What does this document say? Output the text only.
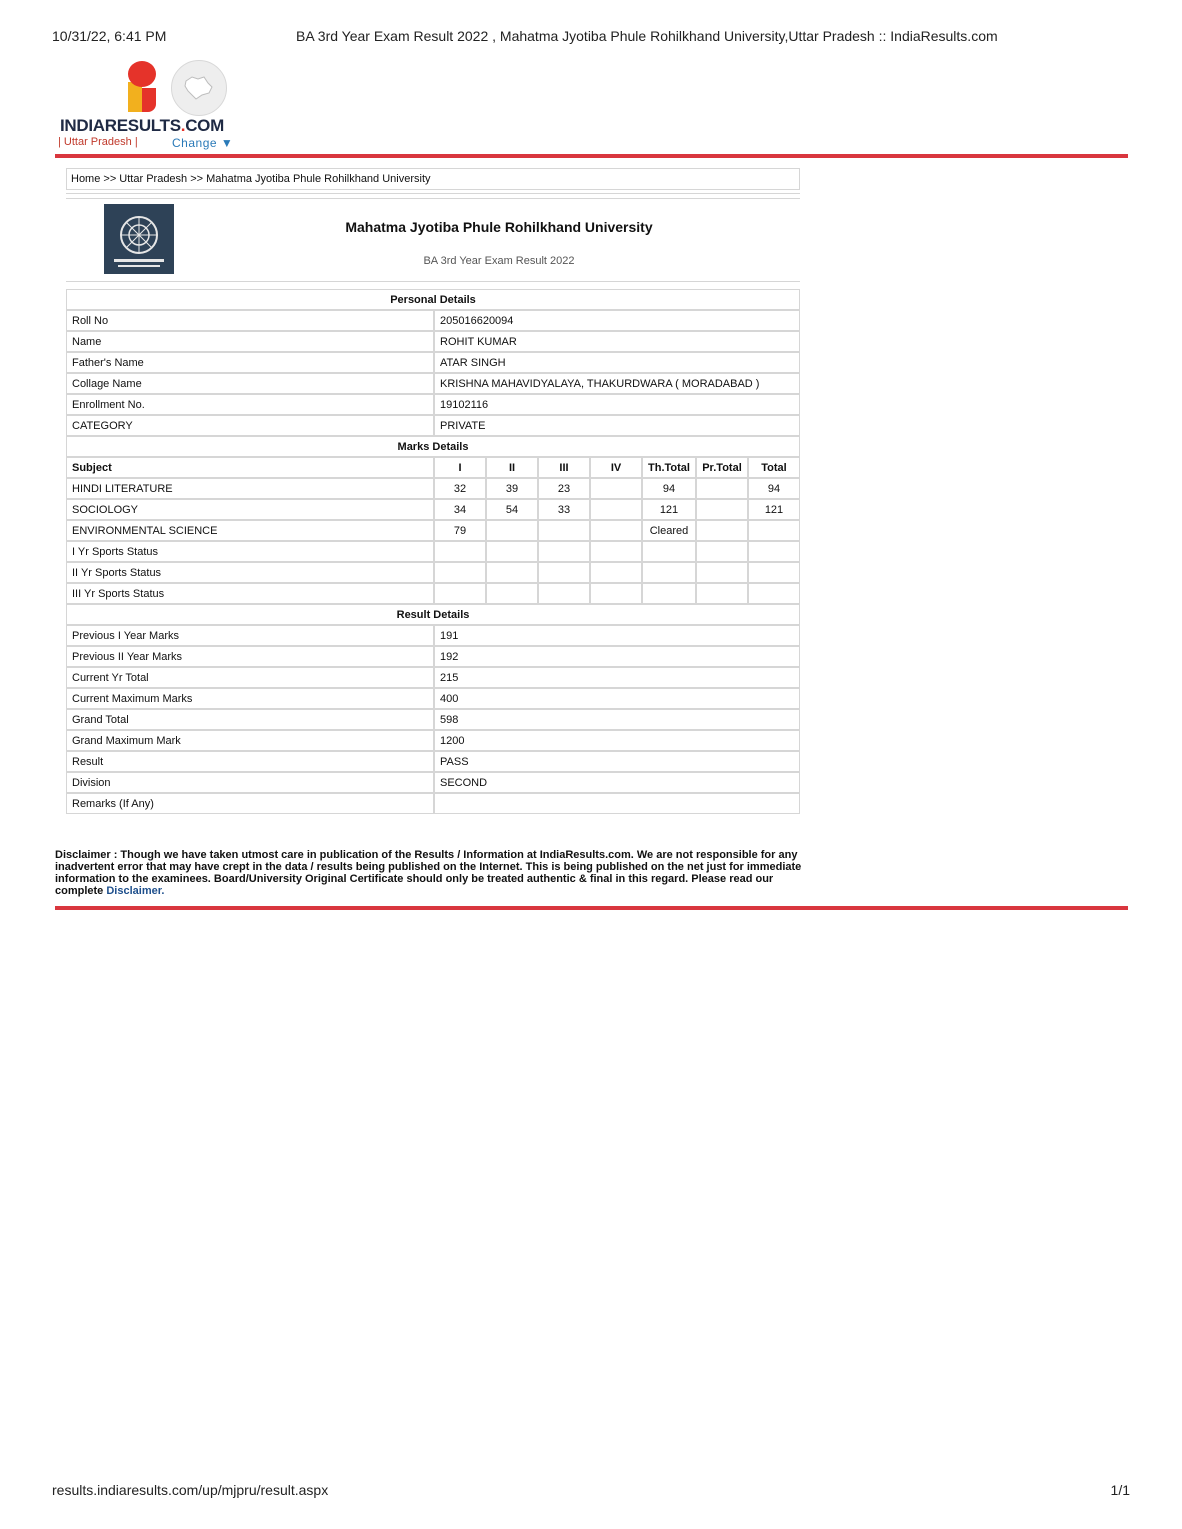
10/31/22, 6:41 PM	BA 3rd Year Exam Result 2022 , Mahatma Jyotiba Phule Rohilkhand University,Uttar Pradesh :: IndiaResults.com
INDIARESULTS.COM
| Uttar Pradesh |	Change ▼
Home >> Uttar Pradesh >> Mahatma Jyotiba Phule Rohilkhand University
Mahatma Jyotiba Phule Rohilkhand University
BA 3rd Year Exam Result 2022
Personal Details	
Roll No	205016620094
Name	ROHIT KUMAR
Father's Name	ATAR SINGH
Collage Name	KRISHNA MAHAVIDYALAYA, THAKURDWARA ( MORADABAD )
Enrollment No.	19102116
CATEGORY	PRIVATE
Marks Details							
Subject	I	II	III	IV	Th.Total	Pr.Total	Total
HINDI LITERATURE	32	39	23		94		94
SOCIOLOGY	34	54	33		121		121
ENVIRONMENTAL SCIENCE	79				Cleared		
I Yr Sports Status							
II Yr Sports Status							
III Yr Sports Status							
Result Details	
Previous I Year Marks	191
Previous II Year Marks	192
Current Yr Total	215
Current Maximum Marks	400
Grand Total	598
Grand Maximum Mark	1200
Result	PASS
Division	SECOND
Remarks (If Any)	
Disclaimer : Though we have taken utmost care in publication of the Results / Information at IndiaResults.com. We are not responsible for any inadvertent error that may have crept in the data / results being published on the Internet. This is being published on the net just for immediate information to the examinees. Board/University Original Certificate should only be treated authentic & final in this regard. Please read our complete Disclaimer.
results.indiaresults.com/up/mjpru/result.aspx	1/1
